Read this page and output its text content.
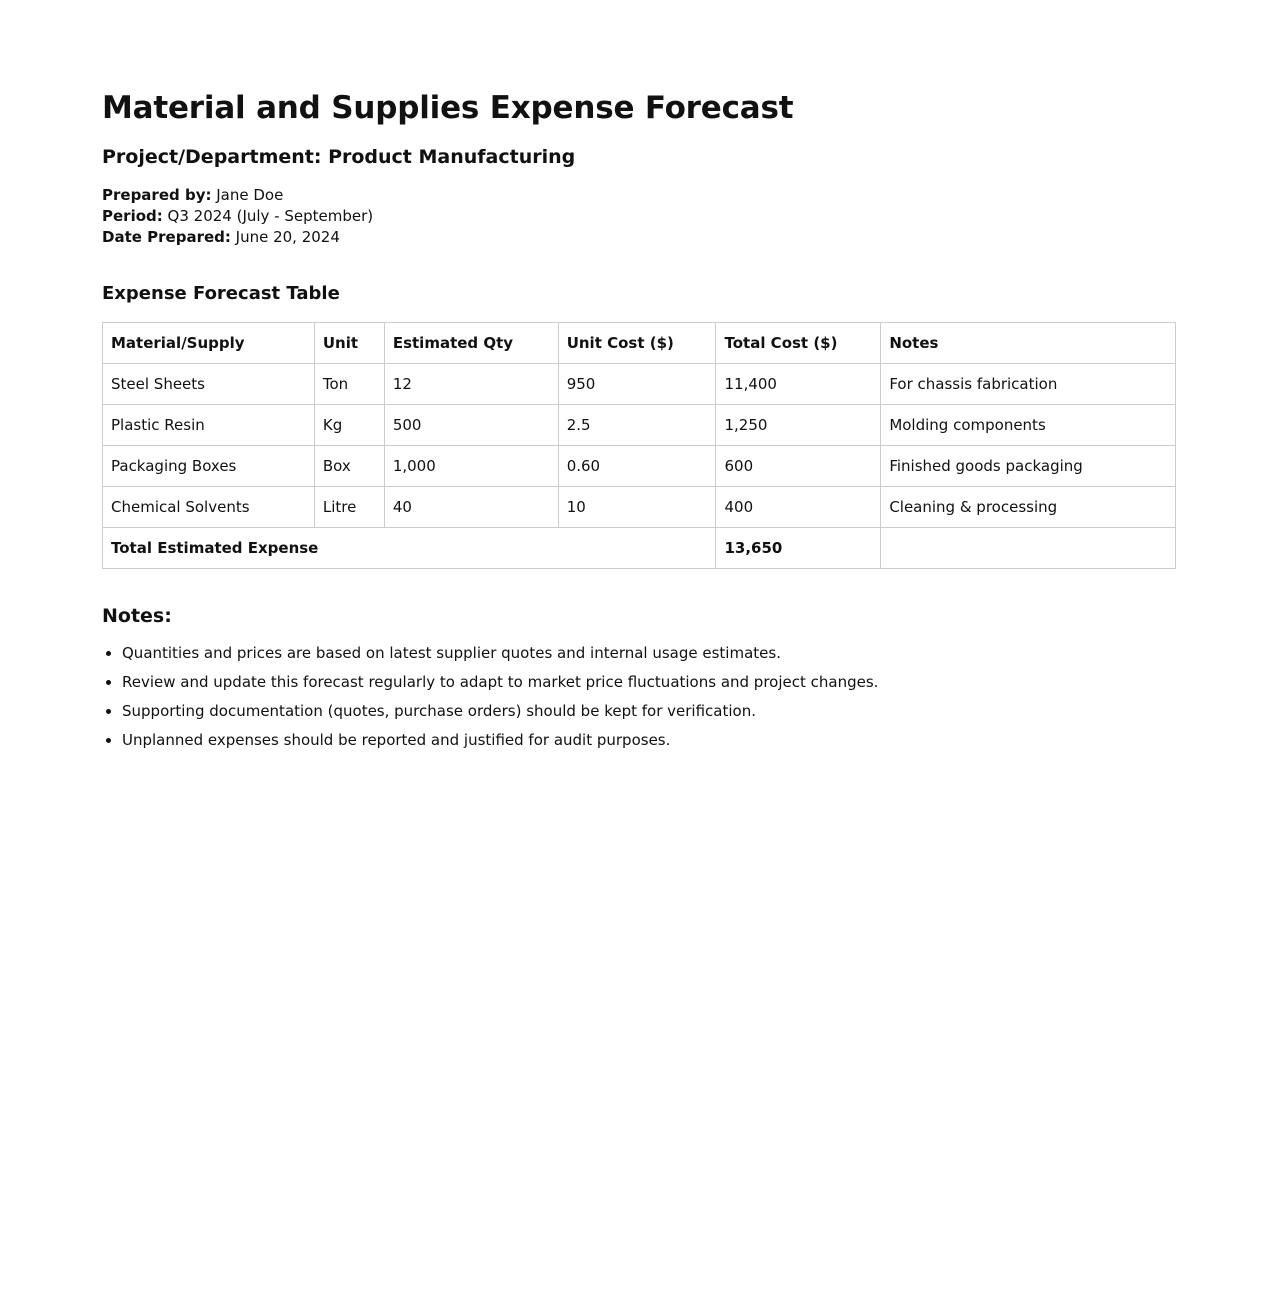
Material and Supplies Expense Forecast
Project/Department: Product Manufacturing
Prepared by: Jane Doe
Period: Q3 2024 (July - September)
Date Prepared: June 20, 2024
Expense Forecast Table
Material/Supply	Unit	Estimated Qty	Unit Cost ($)	Total Cost ($)	Notes
Steel Sheets	Ton	12	950	11,400	For chassis fabrication
Plastic Resin	Kg	500	2.5	1,250	Molding components
Packaging Boxes	Box	1,000	0.60	600	Finished goods packaging
Chemical Solvents	Litre	40	10	400	Cleaning & processing
Total Estimated Expense				13,650	
Notes:
• Quantities and prices are based on latest supplier quotes and internal usage estimates.
• Review and update this forecast regularly to adapt to market price fluctuations and project changes.
• Supporting documentation (quotes, purchase orders) should be kept for verification.
• Unplanned expenses should be reported and justified for audit purposes.
